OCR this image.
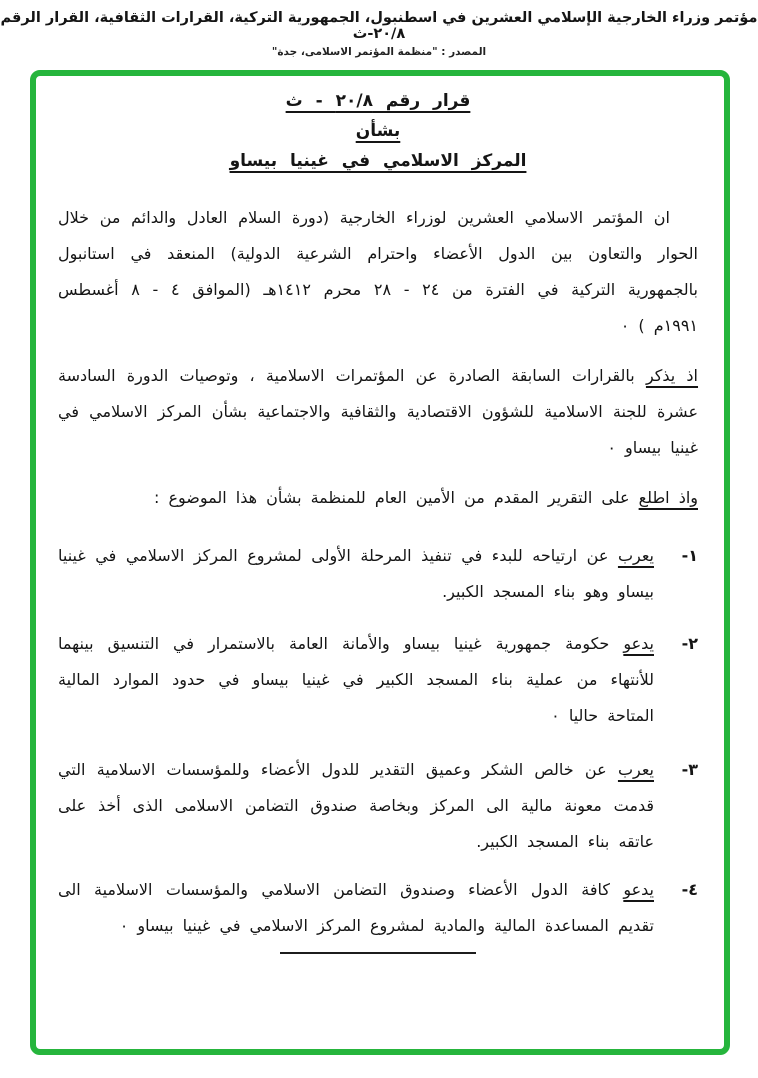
مؤتمر وزراء الخارجية الإسلامي العشرين في اسطنبول، الجمهورية التركية، القرارات الثقافية، القرار الرقم ٢٠/٨-ث
المصدر : "منظمة المؤتمر الاسلامى، جدة"
قرار رقم ٢٠/٨ - ث
بشأن
المركز الاسلامي في غينيا بيساو

ان المؤتمر الاسلامي العشرين لوزراء الخارجية (دورة السلام العادل والدائم من خلال الحوار والتعاون بين الدول الأعضاء واحترام الشرعية الدولية) المنعقد في استانبول بالجمهورية التركية في الفترة من ٢٤ - ٢٨ محرم ١٤١٢هـ (الموافق ٤ - ٨ أغسطس ١٩٩١م ) ٠

اذ يذكر بالقرارات السابقة الصادرة عن المؤتمرات الاسلامية ، وتوصيات الدورة السادسة عشرة للجنة الاسلامية للشؤون الاقتصادية والثقافية والاجتماعية بشأن المركز الاسلامي في غينيا بيساو ٠

واذ اطلع على التقرير المقدم من الأمين العام للمنظمة بشأن هذا الموضوع :

١-

يعرب عن ارتياحه للبدء في تنفيذ المرحلة الأولى لمشروع المركز الاسلامي في غينيا بيساو وهو بناء المسجد الكبير.

٢-

يدعو حكومة جمهورية غينيا بيساو والأمانة العامة بالاستمرار في التنسيق بينهما للأنتهاء من عملية بناء المسجد الكبير في غينيا بيساو في حدود الموارد المالية المتاحة حاليا ٠

٣-

يعرب عن خالص الشكر وعميق التقدير للدول الأعضاء وللمؤسسات الاسلامية التي قدمت معونة مالية الى المركز وبخاصة صندوق التضامن الاسلامى الذى أخذ على عاتقه بناء المسجد الكبير.

٤-

يدعو كافة الدول الأعضاء وصندوق التضامن الاسلامي والمؤسسات الاسلامية الى تقديم المساعدة المالية والمادية لمشروع المركز الاسلامي في غينيا بيساو ٠
